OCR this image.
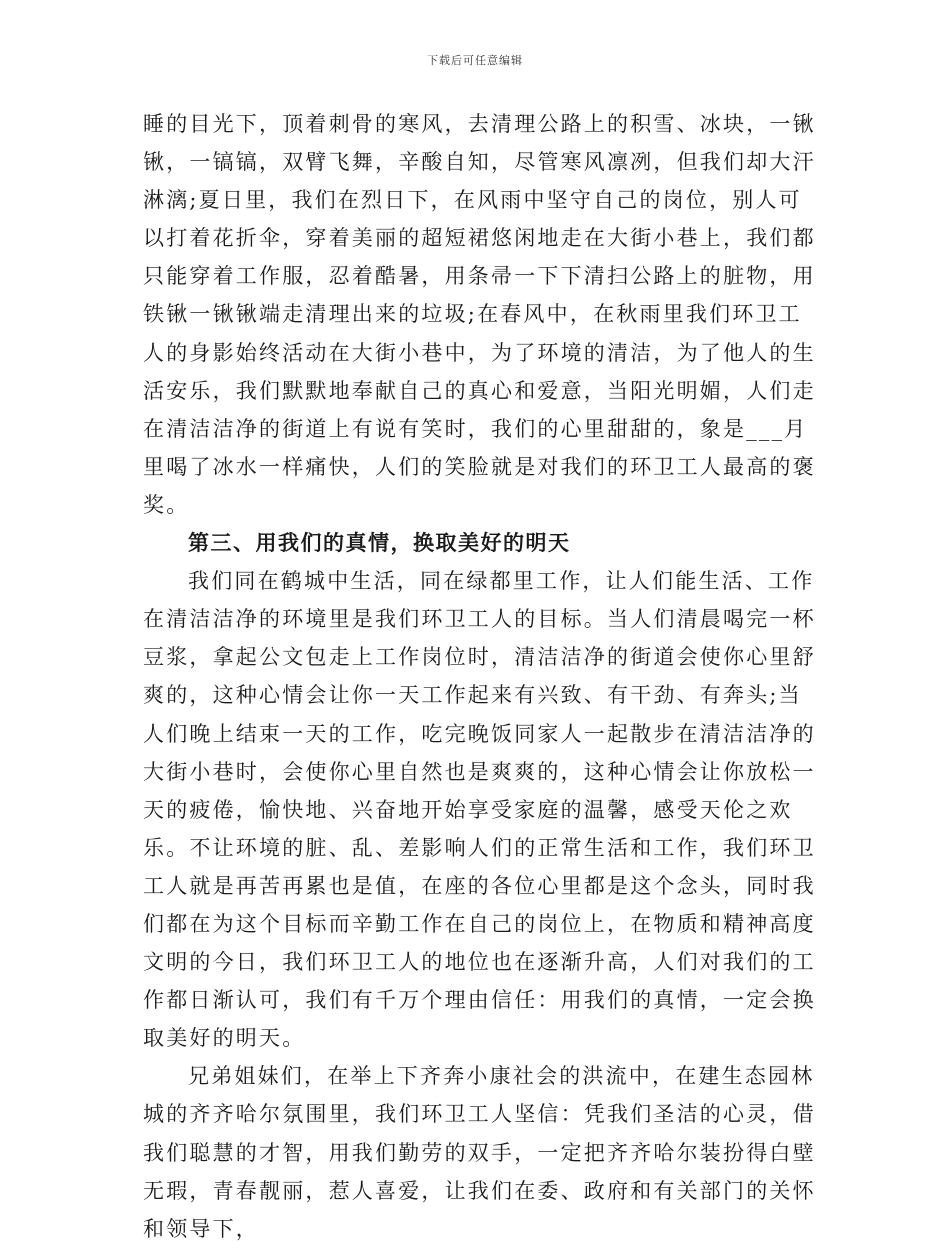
下载后可任意编辑

睡的目光下，顶着刺骨的寒风，去清理公路上的积雪、冰块，一锹锹，一镐镐，双臂飞舞，辛酸自知，尽管寒风凛冽，但我们却大汗淋漓;夏日里，我们在烈日下，在风雨中坚守自己的岗位，别人可以打着花折伞，穿着美丽的超短裙悠闲地走在大街小巷上，我们都只能穿着工作服，忍着酷暑，用条帚一下下清扫公路上的脏物，用铁锹一锹锹端走清理出来的垃圾;在春风中，在秋雨里我们环卫工人的身影始终活动在大街小巷中，为了环境的清洁，为了他人的生活安乐，我们默默地奉献自己的真心和爱意，当阳光明媚，人们走在清洁洁净的街道上有说有笑时，我们的心里甜甜的，象是___月里喝了冰水一样痛快，人们的笑脸就是对我们的环卫工人最高的褒奖。

第三、用我们的真情，换取美好的明天

我们同在鹤城中生活，同在绿都里工作，让人们能生活、工作在清洁洁净的环境里是我们环卫工人的目标。当人们清晨喝完一杯豆浆，拿起公文包走上工作岗位时，清洁洁净的街道会使你心里舒爽的，这种心情会让你一天工作起来有兴致、有干劲、有奔头;当人们晚上结束一天的工作，吃完晚饭同家人一起散步在清洁洁净的大街小巷时，会使你心里自然也是爽爽的，这种心情会让你放松一天的疲倦，愉快地、兴奋地开始享受家庭的温馨，感受天伦之欢乐。不让环境的脏、乱、差影响人们的正常生活和工作，我们环卫工人就是再苦再累也是值，在座的各位心里都是这个念头，同时我们都在为这个目标而辛勤工作在自己的岗位上，在物质和精神高度文明的今日，我们环卫工人的地位也在逐渐升高，人们对我们的工作都日渐认可，我们有千万个理由信任：用我们的真情，一定会换取美好的明天。

兄弟姐妹们，在举上下齐奔小康社会的洪流中，在建生态园林城的齐齐哈尔氛围里，我们环卫工人坚信：凭我们圣洁的心灵，借我们聪慧的才智，用我们勤劳的双手，一定把齐齐哈尔装扮得白壁无瑕，青春靓丽，惹人喜爱，让我们在委、政府和有关部门的关怀和领导下，
